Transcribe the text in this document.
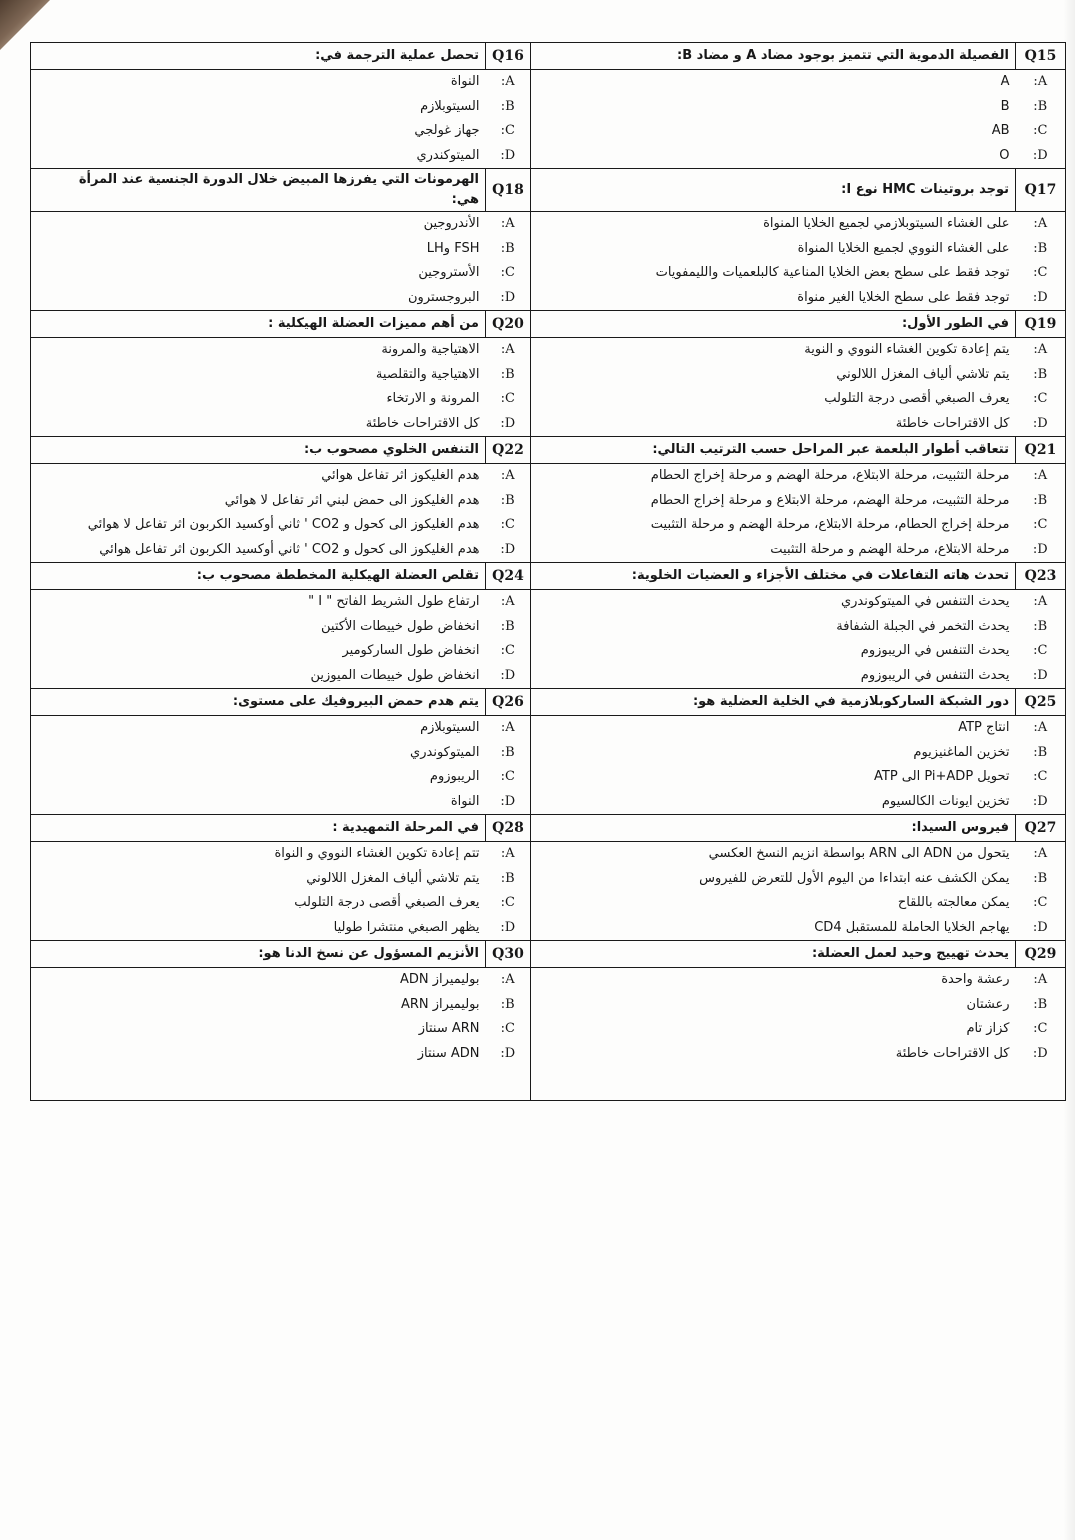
Q15	الفصيلة الدموية التي تتميز بوجود مضاد A و مضاد B:	Q16	تحصل عملية الترجمة في:
A:	A	A:	النواة
B:	B	B:	السيتوبلازم
C:	AB	C:	جهاز غولجي
D:	O	D:	الميتوكندري
Q17	توجد بروتينات HMC نوع I:	Q18	الهرمونات التي يفرزها المبيض خلال الدورة الجنسية عند المرأة هي:
A:	على الغشاء السيتوبلازمي لجميع الخلايا المنواة	A:	الأندروجين
B:	على الغشاء النووي لجميع الخلايا المنواة	B:	FSH وLH
C:	توجد فقط على سطح بعض الخلايا المناعية كالبلعميات والليمفويات	C:	الأستروجين
D:	توجد فقط على سطح الخلايا الغير منواة	D:	البروجسترون
Q19	في الطور الأول:	Q20	من أهم مميزات العضلة الهيكلية :
A:	يتم إعادة تكوين الغشاء النووي و النوية	A:	الاهتياجية والمرونة
B:	يتم تلاشي ألياف المغزل اللالوني	B:	الاهتياجية والتقلصية
C:	يعرف الصبغي أقصى درجة التلولب	C:	المرونة و الارتخاء
D:	كل الاقتراحات خاطئة	D:	كل الاقتراحات خاطئة
Q21	تتعاقب أطوار البلعمة عبر المراحل حسب الترتيب التالي:	Q22	التنفس الخلوي مصحوب ب:
A:	مرحلة التثبيت، مرحلة الابتلاع، مرحلة الهضم و مرحلة إخراج الحطام	A:	هدم الغليكوز اثر تفاعل هوائي
B:	مرحلة التثبيت، مرحلة الهضم، مرحلة الابتلاع و مرحلة إخراج الحطام	B:	هدم الغليكوز الى حمض لبني اثر تفاعل لا هوائي
C:	مرحلة إخراج الحطام، مرحلة الابتلاع، مرحلة الهضم و مرحلة التثبيت	C:	هدم الغليكوز الى كحول و CO2 ' ثاني أوكسيد الكربون اثر تفاعل لا هوائي
D:	مرحلة الابتلاع، مرحلة الهضم و مرحلة التثبيت	D:	هدم الغليكوز الى كحول و CO2 ' ثاني أوكسيد الكربون اثر تفاعل هوائي
Q23	تحدث هاته التفاعلات في مختلف الأجزاء و العضيات الخلوية:	Q24	تقلص العضلة الهيكلية المخططة مصحوب ب:
A:	يحدث التنفس في الميتوكوندري	A:	ارتفاع طول الشريط الفاتح " I "
B:	يحدث التخمر في الجبلة الشفافة	B:	انخفاض طول خييطات الأكتين
C:	يحدث التنفس في الريبوزوم	C:	انخفاض طول الساركومير
D:	يحدث التنفس في الريبوزوم	D:	انخفاض طول خييطات الميوزين
Q25	دور الشبكة الساركوبلازمية في الخلية العضلية هو:	Q26	يتم هدم حمض البيروفيك على مستوى:
A:	انتاج ATP	A:	السيتوبلازم
B:	تخزين الماغنيزيوم	B:	الميتوكوندري
C:	تحويل Pi+ADP الى ATP	C:	الريبوزوم
D:	تخزين ايونات الكالسيوم	D:	النواة
Q27	فيروس السيدا:	Q28	في المرحلة التمهيدية :
A:	يتحول من ADN الى ARN بواسطة انزيم النسخ العكسي	A:	تتم إعادة تكوين الغشاء النووي و النواة
B:	يمكن الكشف عنه ابتداءا من اليوم الأول للتعرض للفيروس	B:	يتم تلاشي ألياف المغزل اللالوني
C:	يمكن معالجته باللقاح	C:	يعرف الصبغي أقصى درجة التلولب
D:	يهاجم الخلايا الحاملة للمستقبل CD4	D:	يظهر الصبغي منتشرا طوليا
Q29	يحدث تهييج وحيد لعمل العضلة:	Q30	الأنزيم المسؤول عن نسخ الدنا هو:
A:	رعشة واحدة	A:	بوليميراز ADN
B:	رعشتان	B:	بوليميراز ARN
C:	كزاز تام	C:	ARN سنتاز
D:	كل الاقتراحات خاطئة	D:	ADN سنتاز
